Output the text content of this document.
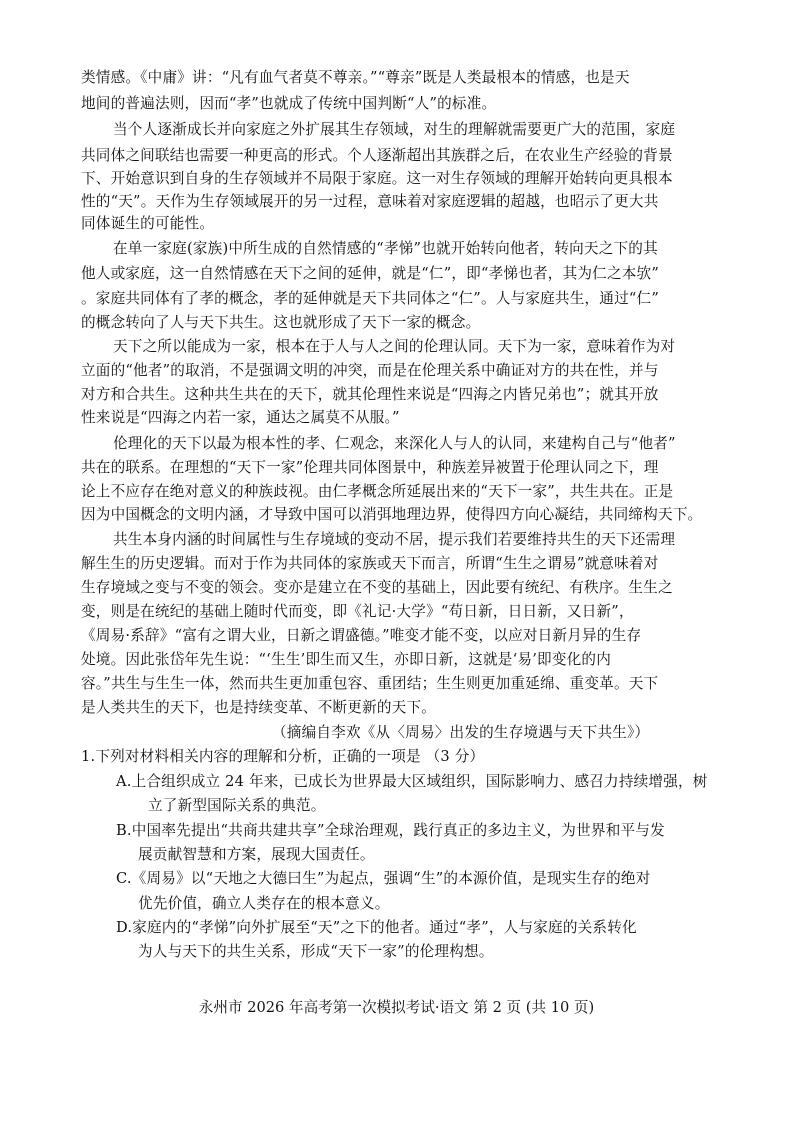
类情感。《中庸》讲：“凡有血气者莫不尊亲。”“尊亲”既是人类最根本的情感，也是天
地间的普遍法则，因而“孝”也就成了传统中国判断“人”的标准。
当个人逐渐成长并向家庭之外扩展其生存领域，对生的理解就需要更广大的范围，家庭
共同体之间联结也需要一种更高的形式。个人逐渐超出其族群之后，在农业生产经验的背景
下、开始意识到自身的生存领域并不局限于家庭。这一对生存领域的理解开始转向更具根本
性的“天”。天作为生存领域展开的另一过程，意味着对家庭逻辑的超越，也昭示了更大共
同体诞生的可能性。
在单一家庭(家族)中所生成的自然情感的“孝悌”也就开始转向他者，转向天之下的其
他人或家庭，这一自然情感在天下之间的延伸，就是“仁”，即“孝悌也者，其为仁之本欤”
。家庭共同体有了孝的概念，孝的延伸就是天下共同体之“仁”。人与家庭共生，通过“仁”
的概念转向了人与天下共生。这也就形成了天下一家的概念。
天下之所以能成为一家，根本在于人与人之间的伦理认同。天下为一家，意味着作为对
立面的“他者”的取消，不是强调文明的冲突，而是在伦理关系中确证对方的共在性，并与
对方和合共生。这种共生共在的天下，就其伦理性来说是“四海之内皆兄弟也”；就其开放
性来说是“四海之内若一家，通达之属莫不从服。”
伦理化的天下以最为根本性的孝、仁观念，来深化人与人的认同，来建构自己与“他者”
共在的联系。在理想的“天下一家”伦理共同体图景中，种族差异被置于伦理认同之下，理
论上不应存在绝对意义的种族歧视。由仁孝概念所延展出来的“天下一家”，共生共在。正是
因为中国概念的文明内涵，才导致中国可以消弭地理边界，使得四方向心凝结，共同缔构天下。
共生本身内涵的时间属性与生存境域的变动不居，提示我们若要维持共生的天下还需理
解生生的历史逻辑。而对于作为共同体的家族或天下而言，所谓“生生之谓易”就意味着对
生存境域之变与不变的领会。变亦是建立在不变的基础上，因此要有统纪、有秩序。生生之
变，则是在统纪的基础上随时代而变，即《礼记·大学》“苟日新，日日新，又日新”，
《周易·系辞》“富有之谓大业，日新之谓盛德。”唯变才能不变，以应对日新月异的生存
处境。因此张岱年先生说：“‘生生’即生而又生，亦即日新，这就是‘易’即变化的内
容。”共生与生生一体，然而共生更加重包容、重团结；生生则更加重延绵、重变革。天下
是人类共生的天下，也是持续变革、不断更新的天下。
（摘编自李欢《从〈周易〉出发的生存境遇与天下共生》）
1.下列对材料相关内容的理解和分析，正确的一项是 （3 分）
A.上合组织成立 24 年来，已成长为世界最大区域组织，国际影响力、感召力持续增强，树
立了新型国际关系的典范。
B.中国率先提出“共商共建共享”全球治理观，践行真正的多边主义，为世界和平与发
展贡献智慧和方案，展现大国责任。
C.《周易》以“天地之大德曰生”为起点，强调“生”的本源价值，是现实生存的绝对
优先价值，确立人类存在的根本意义。
D.家庭内的“孝悌”向外扩展至“天”之下的他者。通过“孝”，人与家庭的关系转化
为人与天下的共生关系，形成“天下一家”的伦理构想。
永州市 2026 年高考第一次模拟考试·语文 第 2 页 (共 10 页)
